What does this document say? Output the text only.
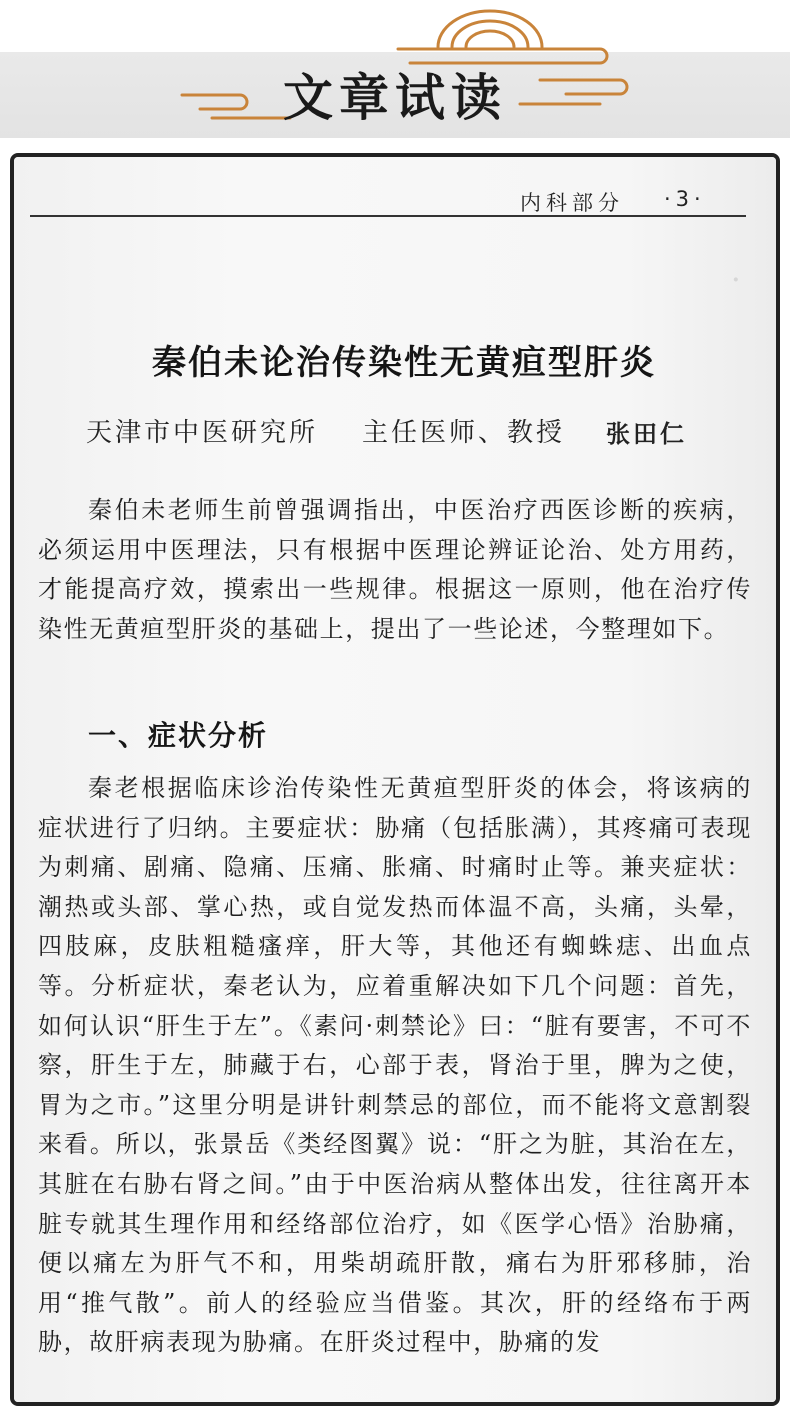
文章试读
内科部分 ·3·
·
秦伯未论治传染性无黄疸型肝炎
天津市中医研究所 主任医师、教授 张田仁
秦伯未老师生前曾强调指出，中医治疗西医诊断的疾病，必须运用中医理法，只有根据中医理论辨证论治、处方用药，才能提高疗效，摸索出一些规律。根据这一原则，他在治疗传染性无黄疸型肝炎的基础上，提出了一些论述，今整理如下。
一、症状分析
秦老根据临床诊治传染性无黄疸型肝炎的体会，将该病的症状进行了归纳。主要症状：胁痛（包括胀满），其疼痛可表现为刺痛、剧痛、隐痛、压痛、胀痛、时痛时止等。兼夹症状：潮热或头部、掌心热，或自觉发热而体温不高，头痛，头晕，四肢麻，皮肤粗糙瘙痒，肝大等，其他还有蜘蛛痣、出血点等。分析症状，秦老认为，应着重解决如下几个问题：首先，如何认识“肝生于左”。《素问·刺禁论》曰：“脏有要害，不可不察，肝生于左，肺藏于右，心部于表，肾治于里，脾为之使，胃为之市。”这里分明是讲针刺禁忌的部位，而不能将文意割裂来看。所以，张景岳《类经图翼》说：“肝之为脏，其治在左，其脏在右胁右肾之间。”由于中医治病从整体出发，往往离开本脏专就其生理作用和经络部位治疗，如《医学心悟》治胁痛，便以痛左为肝气不和，用柴胡疏肝散，痛右为肝邪移肺，治用“推气散”。前人的经验应当借鉴。其次，肝的经络布于两胁，故肝病表现为胁痛。在肝炎过程中，胁痛的发
